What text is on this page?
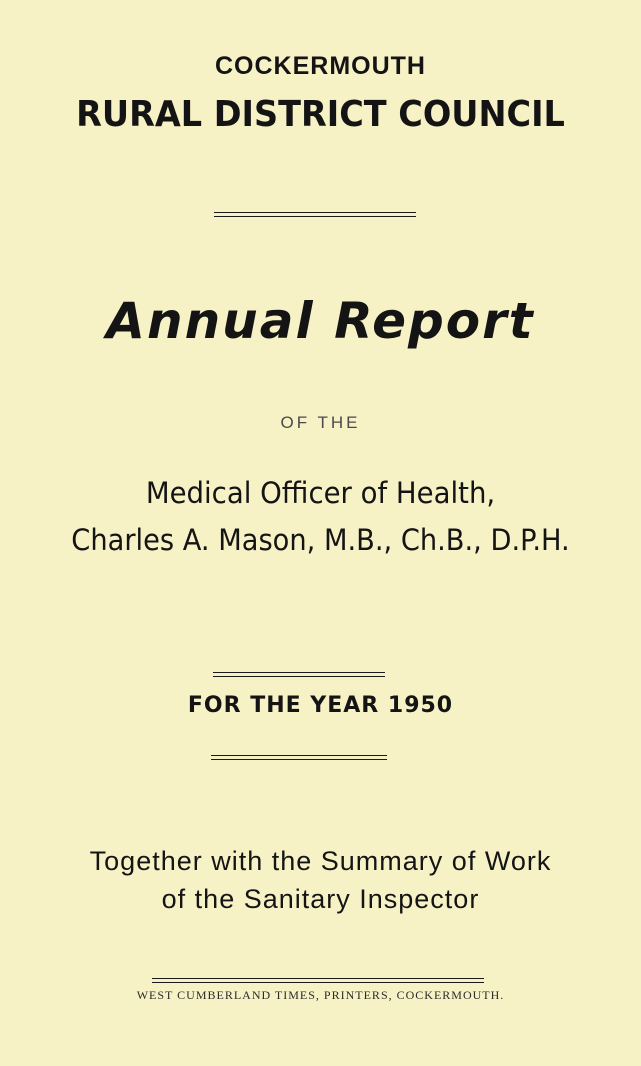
COCKERMOUTH
RURAL DISTRICT COUNCIL
Annual Report
OF THE
Medical Officer of Health,
Charles A. Mason, M.B., Ch.B., D.P.H.
FOR THE YEAR 1950
Together with the Summary of Work
of the Sanitary Inspector
WEST CUMBERLAND TIMES, PRINTERS, COCKERMOUTH.
